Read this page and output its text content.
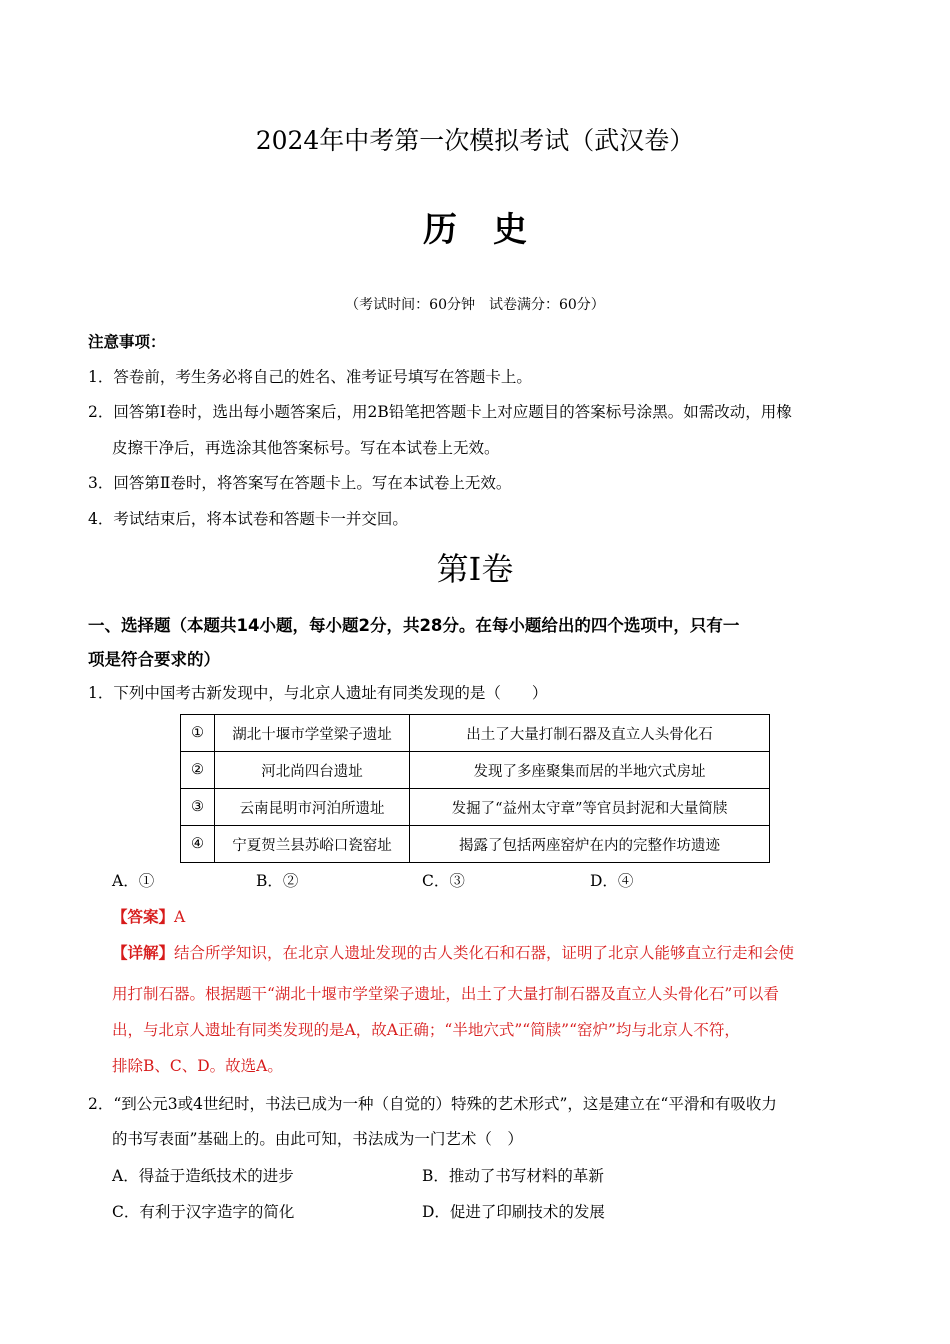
2024年中考第一次模拟考试（武汉卷）
历史
（考试时间：60分钟　试卷满分：60分）
注意事项：
1．答卷前，考生务必将自己的姓名、准考证号填写在答题卡上。
2．回答第Ⅰ卷时，选出每小题答案后，用2B铅笔把答题卡上对应题目的答案标号涂黑。如需改动，用橡
皮擦干净后，再选涂其他答案标号。写在本试卷上无效。
3．回答第Ⅱ卷时，将答案写在答题卡上。写在本试卷上无效。
4．考试结束后，将本试卷和答题卡一并交回。
第Ⅰ卷
一、选择题（本题共14小题，每小题2分，共28分。在每小题给出的四个选项中，只有一
项是符合要求的）
1．下列中国考古新发现中，与北京人遗址有同类发现的是（　　）
①	湖北十堰市学堂梁子遗址	出土了大量打制石器及直立人头骨化石
②	河北尚四台遗址	发现了多座聚集而居的半地穴式房址
③	云南昆明市河泊所遗址	发掘了“益州太守章”等官员封泥和大量简牍
④	宁夏贺兰县苏峪口瓷窑址	揭露了包括两座窑炉在内的完整作坊遗迹
A．①	B．②	C．③	D．④
【答案】A
【详解】结合所学知识，在北京人遗址发现的古人类化石和石器，证明了北京人能够直立行走和会使
用打制石器。根据题干“湖北十堰市学堂梁子遗址，出土了大量打制石器及直立人头骨化石”可以看
出，与北京人遗址有同类发现的是A，故A正确；“半地穴式”“简牍”“窑炉”均与北京人不符，
排除B、C、D。故选A。
2．“到公元3或4世纪时，书法已成为一种（自觉的）特殊的艺术形式”，这是建立在“平滑和有吸收力
的书写表面”基础上的。由此可知，书法成为一门艺术（　）
A．得益于造纸技术的进步	B．推动了书写材料的革新
C．有利于汉字造字的简化	D．促进了印刷技术的发展
